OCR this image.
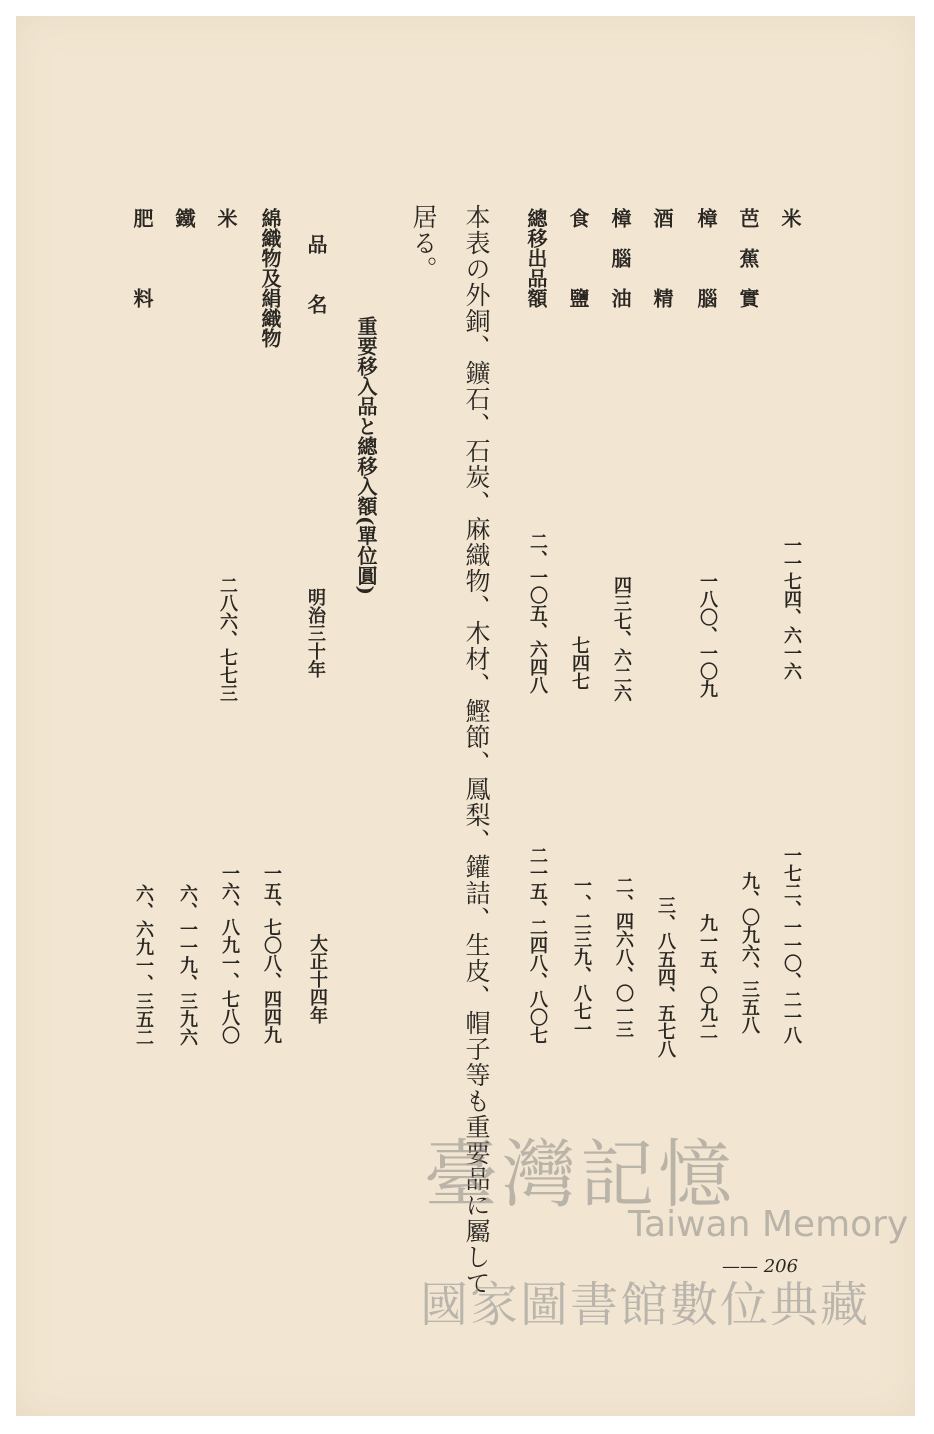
米
一一七四、六一六
一七二、一一〇、二一八
芭　蕉　實
九、〇九六、三五八
樟　　　腦
一八〇、一〇九
九一五、〇九二
酒　　　精
三、八五四、五七八
樟　腦　油
四三七、六二六
二、四六八、〇一三
食　　　鹽
七四七
一、二三九、八七一
總移出品額
二、一〇五、六四八
二一五、二四八、八〇七
本表の外銅、鑛石、石炭、麻織物、木材、鰹節、鳳梨、鑵詰、生皮、帽子等も重要品に屬して
居る。
重要移入品と總移入額(單位圓)
品　　名
明治三十年
大正十四年
綿織物及絹織物
一五、七〇八、四四九
米
二八六、七七三
一六、八九一、七八〇
鐵
六、一一九、三九六
肥　　　料
六、六九一、三五二
—— 206
臺灣記憶
Taiwan Memory
國家圖書館數位典藏
